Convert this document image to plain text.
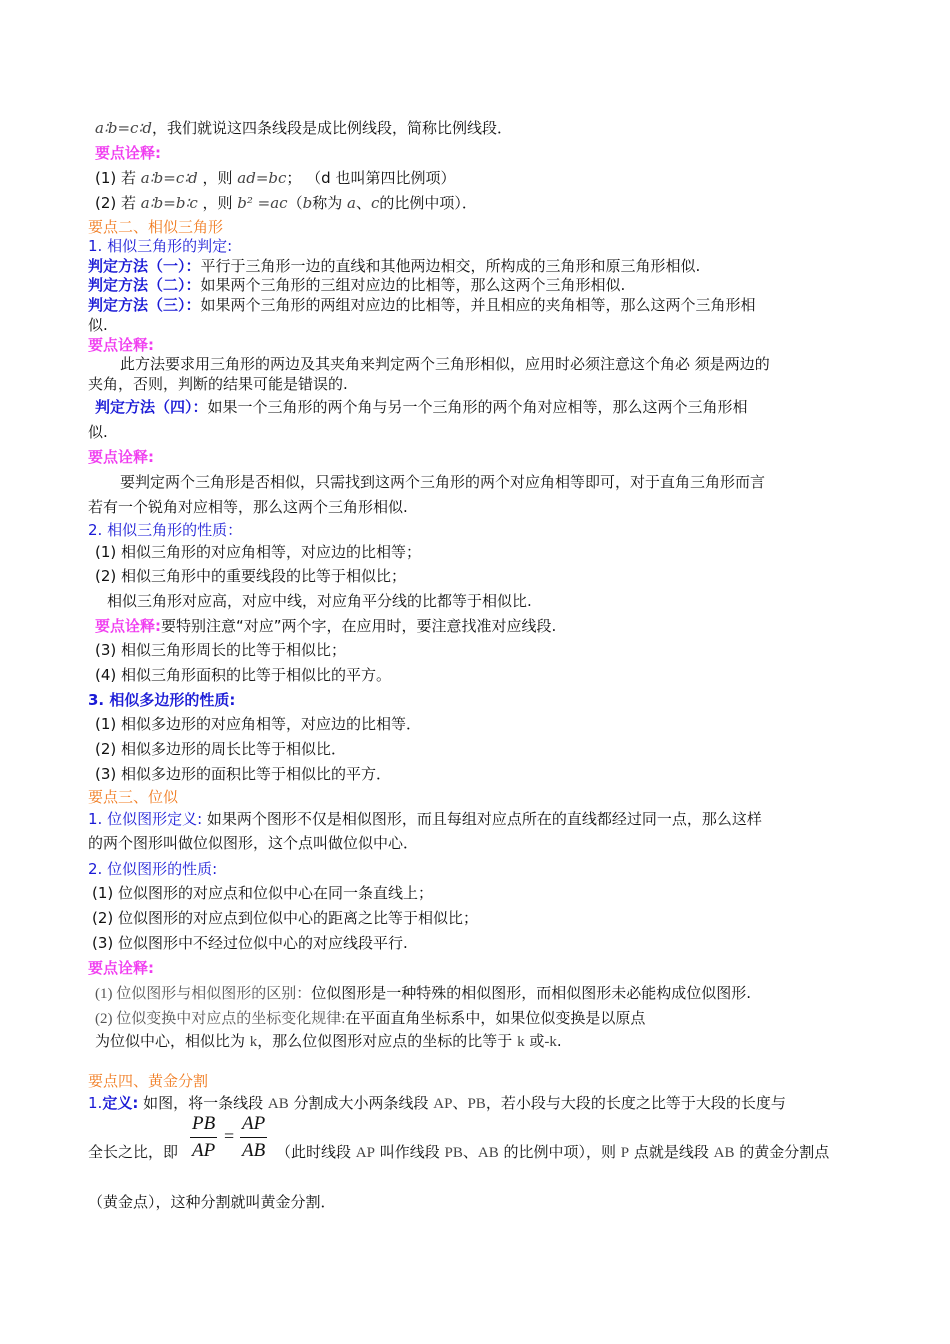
a∶b=c∶d，我们就说这四条线段是成比例线段，简称比例线段．
要点诠释:
(1) 若 a∶b=c∶d ，则 ad=bc； （d 也叫第四比例项）
(2) 若 a∶b=b∶c ，则 b² =ac（b称为 a、c的比例中项）．
要点二、相似三角形
1. 相似三角形的判定:
判定方法（一）：平行于三角形一边的直线和其他两边相交，所构成的三角形和原三角形相似.
判定方法（二）：如果两个三角形的三组对应边的比相等，那么这两个三角形相似.
判定方法（三）：如果两个三角形的两组对应边的比相等，并且相应的夹角相等，那么这两个三角形相
似.
要点诠释:
此方法要求用三角形的两边及其夹角来判定两个三角形相似，应用时必须注意这个角必 须是两边的
夹角，否则，判断的结果可能是错误的.
判定方法（四）：如果一个三角形的两个角与另一个三角形的两个角对应相等，那么这两个三角形相
似.
要点诠释:
要判定两个三角形是否相似，只需找到这两个三角形的两个对应角相等即可，对于直角三角形而言
若有一个锐角对应相等，那么这两个三角形相似.
2. 相似三角形的性质：
(1) 相似三角形的对应角相等，对应边的比相等；
(2) 相似三角形中的重要线段的比等于相似比；
相似三角形对应高，对应中线，对应角平分线的比都等于相似比.
要点诠释:要特别注意“对应”两个字，在应用时，要注意找准对应线段.
(3) 相似三角形周长的比等于相似比；
(4) 相似三角形面积的比等于相似比的平方。
3. 相似多边形的性质:
(1) 相似多边形的对应角相等，对应边的比相等．
(2) 相似多边形的周长比等于相似比．
(3) 相似多边形的面积比等于相似比的平方．
要点三、位似
1. 位似图形定义: 如果两个图形不仅是相似图形，而且每组对应点所在的直线都经过同一点，那么这样
的两个图形叫做位似图形，这个点叫做位似中心．
2. 位似图形的性质:
(1) 位似图形的对应点和位似中心在同一条直线上；
(2) 位似图形的对应点到位似中心的距离之比等于相似比；
(3) 位似图形中不经过位似中心的对应线段平行.
要点诠释:
(1) 位似图形与相似图形的区别：位似图形是一种特殊的相似图形，而相似图形未必能构成位似图形.
(2) 位似变换中对应点的坐标变化规律:在平面直角坐标系中，如果位似变换是以原点
为位似中心，相似比为 k，那么位似图形对应点的坐标的比等于 k 或-k.
要点四、黄金分割
1.定义: 如图，将一条线段 AB 分割成大小两条线段 AP、PB，若小段与大段的长度之比等于大段的长度与
全长之比，即
PB
AP
=
AP
AB （此时线段 AP 叫作线段 PB、AB 的比例中项），则 P 点就是线段 AB 的黄金分割点
（黄金点），这种分割就叫黄金分割．
